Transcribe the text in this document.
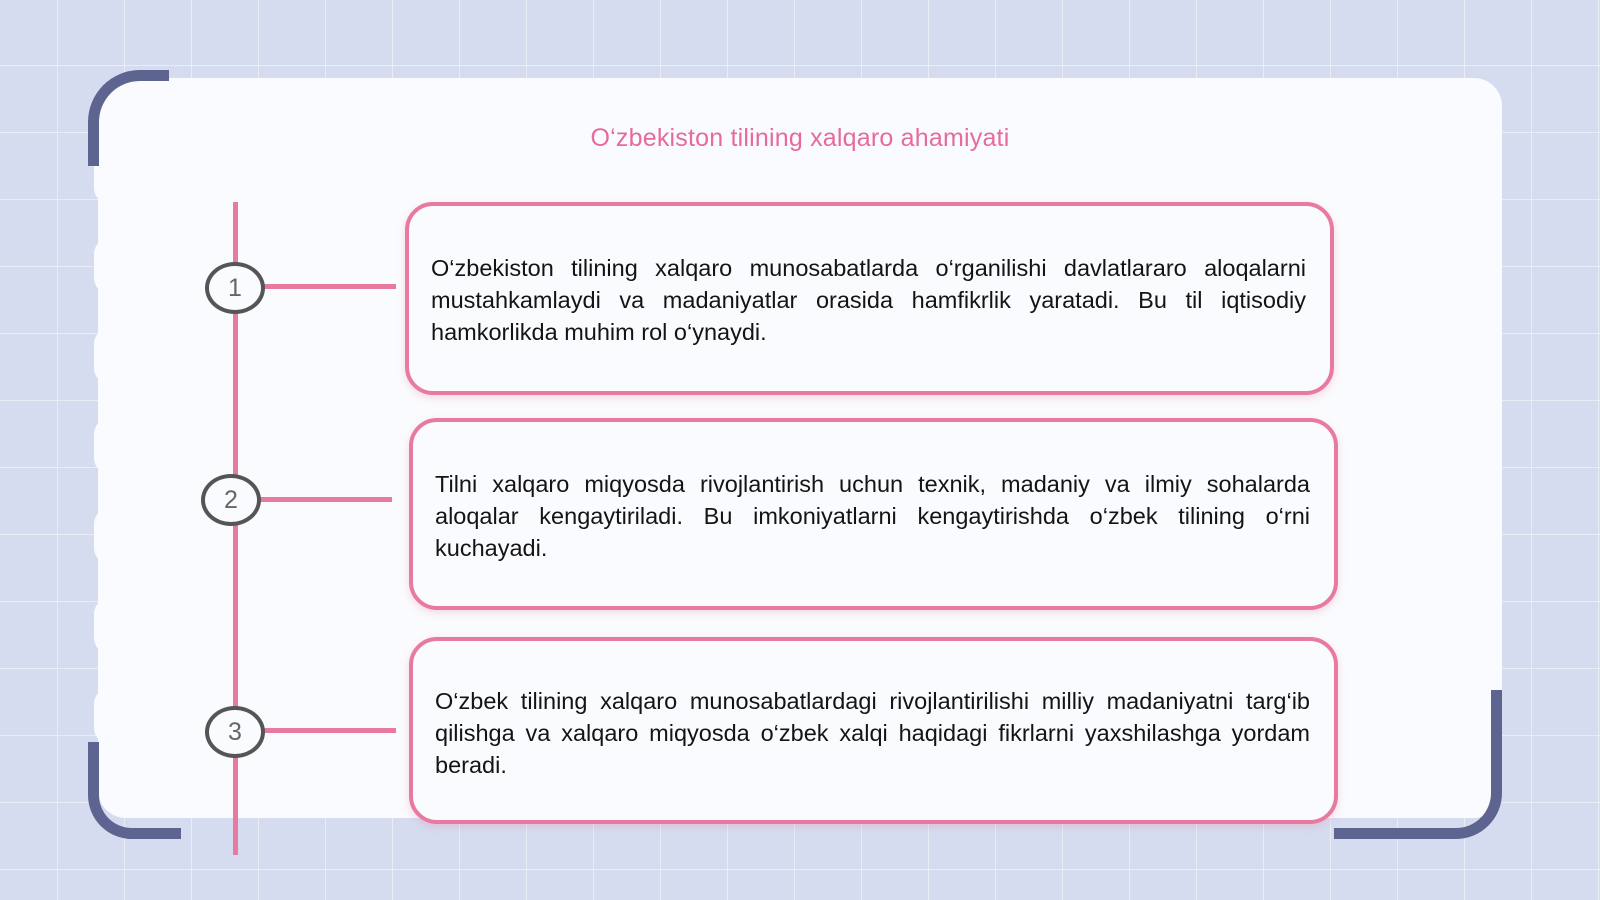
O‘zbekiston tilining xalqaro ahamiyati
1
O‘zbekiston tilining xalqaro munosabatlarda o‘rganilishi davlatlararo aloqalarni mustahkamlaydi va madaniyatlar orasida hamfikrlik yaratadi. Bu til iqtisodiy hamkorlikda muhim rol o‘ynaydi.
2
Tilni xalqaro miqyosda rivojlantirish uchun texnik, madaniy va ilmiy sohalarda aloqalar kengaytiriladi. Bu imkoniyatlarni kengaytirishda o‘zbek tilining o‘rni kuchayadi.
3
O‘zbek tilining xalqaro munosabatlardagi rivojlantirilishi milliy madaniyatni targ‘ib qilishga va xalqaro miqyosda o‘zbek xalqi haqidagi fikrlarni yaxshilashga yordam beradi.
